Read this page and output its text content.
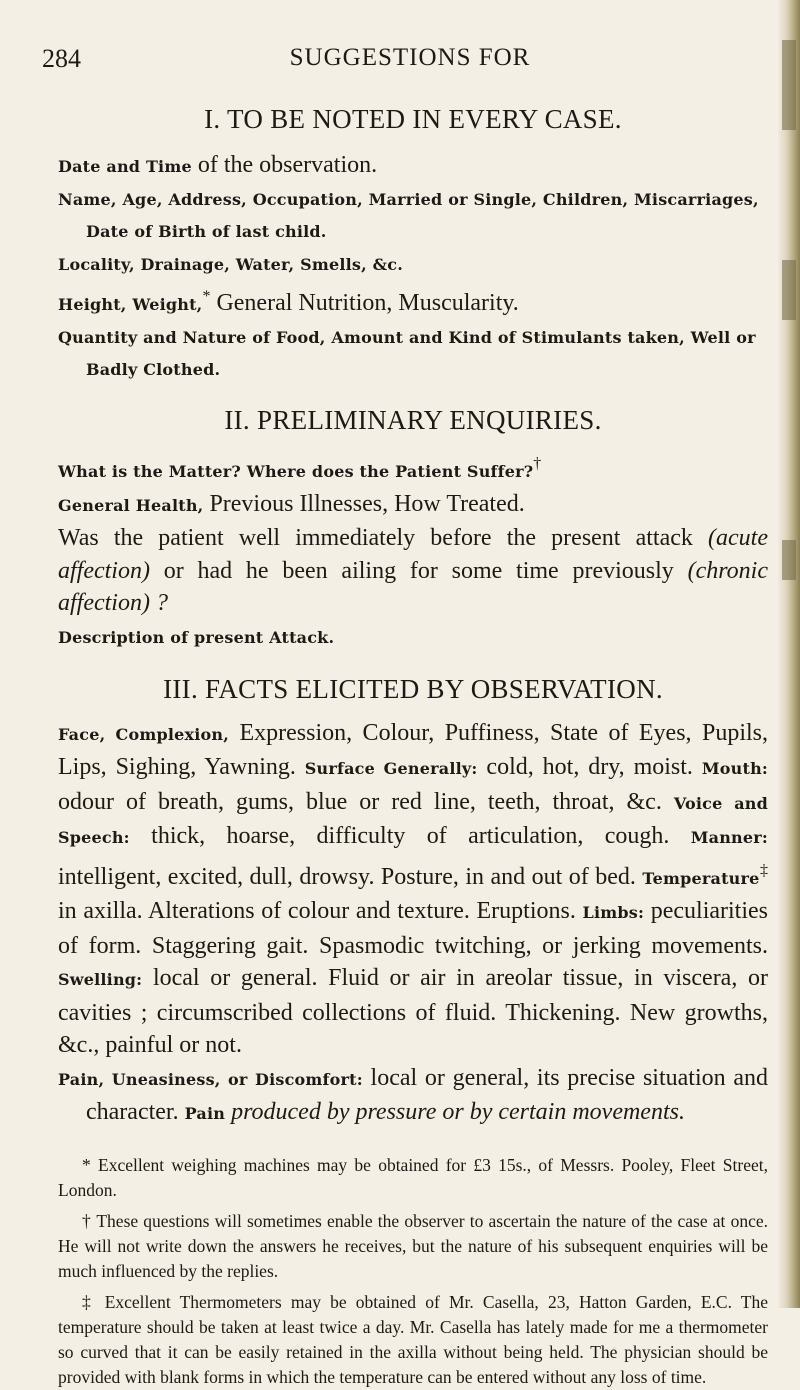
284	SUGGESTIONS FOR
I. TO BE NOTED IN EVERY CASE.

Date and Time of the observation.

Name, Age, Address, Occupation, Married or Single, Children, Miscarriages, Date of Birth of last child.

Locality, Drainage, Water, Smells, &c.

Height, Weight,* General Nutrition, Muscularity.

Quantity and Nature of Food, Amount and Kind of Stimulants taken, Well or Badly Clothed.

II. PRELIMINARY ENQUIRIES.

What is the Matter? Where does the Patient Suffer?†

General Health, Previous Illnesses, How Treated.

Was the patient well immediately before the present attack (acute affection) or had he been ailing for some time previously (chronic affection) ?

Description of present Attack.

III. FACTS ELICITED BY OBSERVATION.

Face, Complexion, Expression, Colour, Puffiness, State of Eyes, Pupils, Lips, Sighing, Yawning. Surface Generally: cold, hot, dry, moist. Mouth: odour of breath, gums, blue or red line, teeth, throat, &c. Voice and Speech: thick, hoarse, difficulty of articulation, cough. Manner: intelligent, excited, dull, drowsy. Posture, in and out of bed. Temperature‡ in axilla. Alterations of colour and texture. Eruptions. Limbs: peculiarities of form. Staggering gait. Spasmodic twitching, or jerking movements. Swelling: local or general. Fluid or air in areolar tissue, in viscera, or cavities ; circumscribed collections of fluid. Thickening. New growths, &c., painful or not.

Pain, Uneasiness, or Discomfort: local or general, its precise situation and character. Pain produced by pressure or by certain movements.

* Excellent weighing machines may be obtained for £3 15s., of Messrs. Pooley, Fleet Street, London.

† These questions will sometimes enable the observer to ascertain the nature of the case at once. He will not write down the answers he receives, but the nature of his subsequent enquiries will be much influenced by the replies.

‡ Excellent Thermometers may be obtained of Mr. Casella, 23, Hatton Garden, E.C. The temperature should be taken at least twice a day. Mr. Casella has lately made for me a thermometer so curved that it can be easily retained in the axilla without being held. The physician should be provided with blank forms in which the temperature can be entered without any loss of time.
